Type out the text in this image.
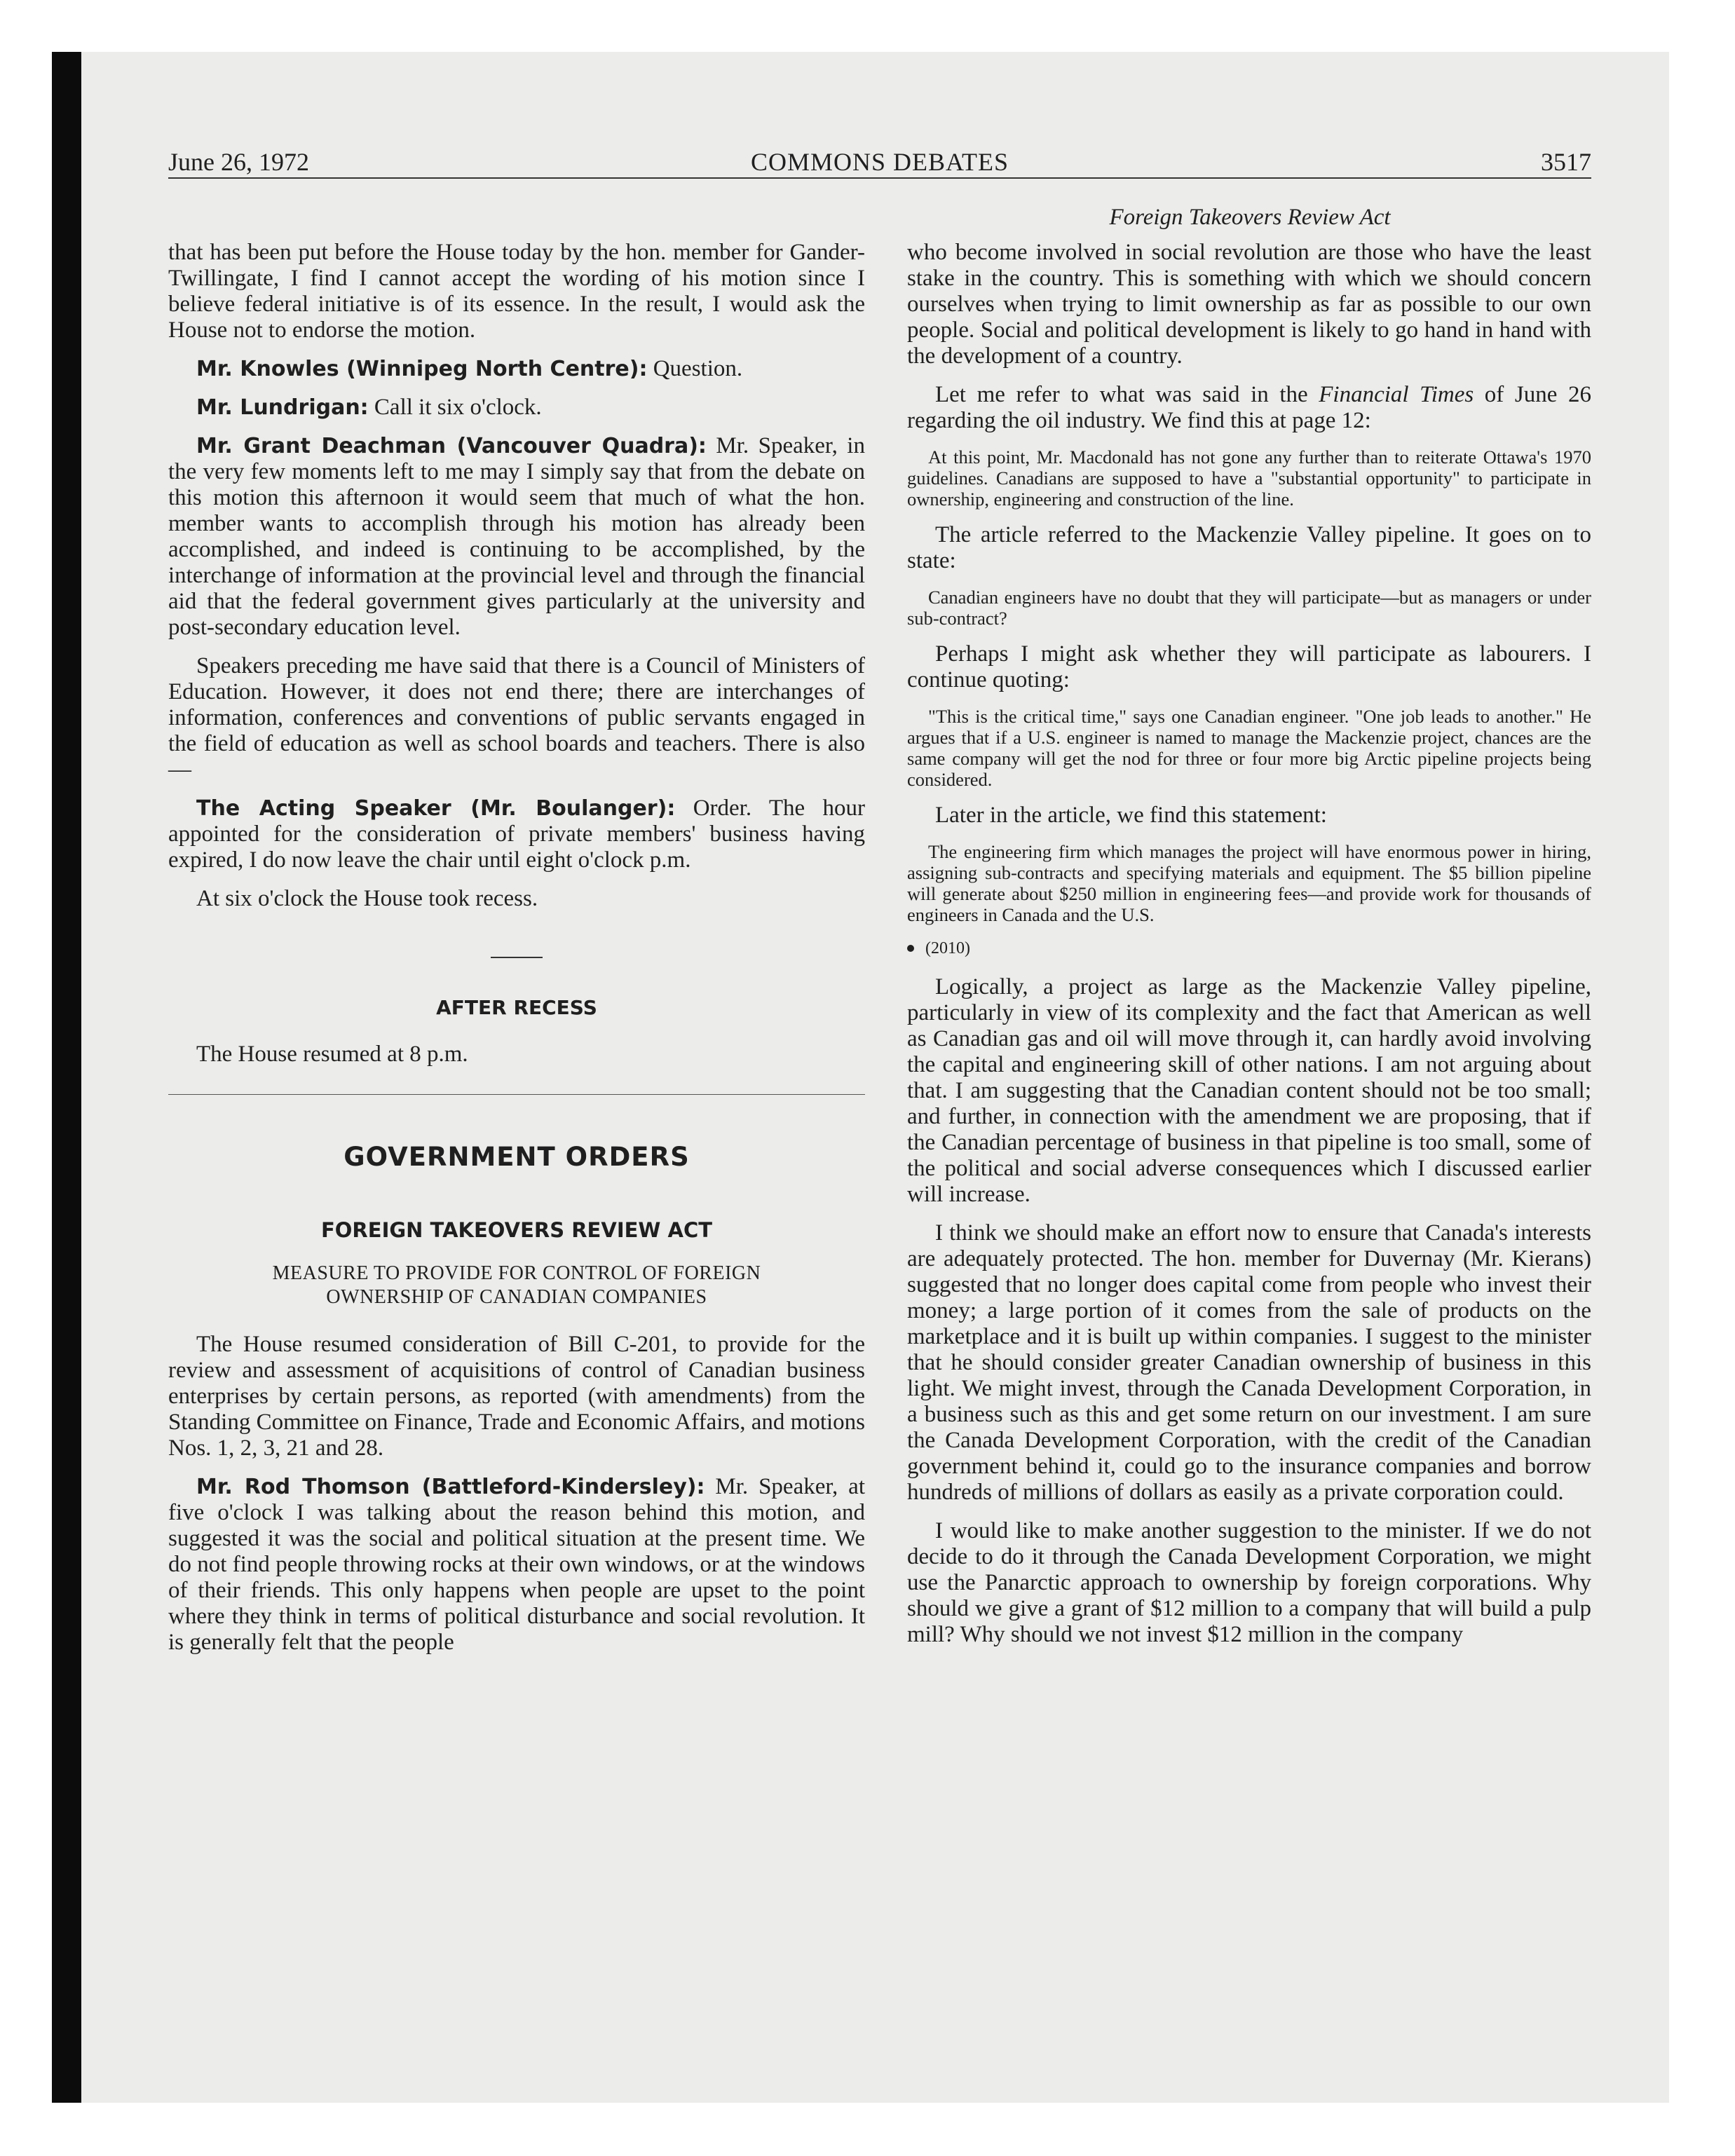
June 26, 1972	COMMONS DEBATES	3517
Foreign Takeovers Review Act

that has been put before the House today by the hon. member for Gander-Twillingate, I find I cannot accept the wording of his motion since I believe federal initiative is of its essence. In the result, I would ask the House not to endorse the motion.

Mr. Knowles (Winnipeg North Centre): Question.

Mr. Lundrigan: Call it six o'clock.

Mr. Grant Deachman (Vancouver Quadra): Mr. Speaker, in the very few moments left to me may I simply say that from the debate on this motion this afternoon it would seem that much of what the hon. member wants to accomplish through his motion has already been accomplished, and indeed is continuing to be accomplished, by the interchange of information at the provincial level and through the financial aid that the federal government gives particularly at the university and post-secondary education level.

Speakers preceding me have said that there is a Council of Ministers of Education. However, it does not end there; there are interchanges of information, conferences and conventions of public servants engaged in the field of education as well as school boards and teachers. There is also—

The Acting Speaker (Mr. Boulanger): Order. The hour appointed for the consideration of private members' business having expired, I do now leave the chair until eight o'clock p.m.

At six o'clock the House took recess.

AFTER RECESS

The House resumed at 8 p.m.

GOVERNMENT ORDERS
FOREIGN TAKEOVERS REVIEW ACT
MEASURE TO PROVIDE FOR CONTROL OF FOREIGN
OWNERSHIP OF CANADIAN COMPANIES

The House resumed consideration of Bill C-201, to provide for the review and assessment of acquisitions of control of Canadian business enterprises by certain persons, as reported (with amendments) from the Standing Committee on Finance, Trade and Economic Affairs, and motions Nos. 1, 2, 3, 21 and 28.

Mr. Rod Thomson (Battleford-Kindersley): Mr. Speaker, at five o'clock I was talking about the reason behind this motion, and suggested it was the social and political situation at the present time. We do not find people throwing rocks at their own windows, or at the windows of their friends. This only happens when people are upset to the point where they think in terms of political disturbance and social revolution. It is generally felt that the people

who become involved in social revolution are those who have the least stake in the country. This is something with which we should concern ourselves when trying to limit ownership as far as possible to our own people. Social and political development is likely to go hand in hand with the development of a country.

Let me refer to what was said in the Financial Times of June 26 regarding the oil industry. We find this at page 12:

At this point, Mr. Macdonald has not gone any further than to reiterate Ottawa's 1970 guidelines. Canadians are supposed to have a "substantial opportunity" to participate in ownership, engineering and construction of the line.

The article referred to the Mackenzie Valley pipeline. It goes on to state:

Canadian engineers have no doubt that they will participate—but as managers or under sub-contract?

Perhaps I might ask whether they will participate as labourers. I continue quoting:

"This is the critical time," says one Canadian engineer. "One job leads to another." He argues that if a U.S. engineer is named to manage the Mackenzie project, chances are the same company will get the nod for three or four more big Arctic pipeline projects being considered.

Later in the article, we find this statement:

The engineering firm which manages the project will have enormous power in hiring, assigning sub-contracts and specifying materials and equipment. The $5 billion pipeline will generate about $250 million in engineering fees—and provide work for thousands of engineers in Canada and the U.S.
(2010)

Logically, a project as large as the Mackenzie Valley pipeline, particularly in view of its complexity and the fact that American as well as Canadian gas and oil will move through it, can hardly avoid involving the capital and engineering skill of other nations. I am not arguing about that. I am suggesting that the Canadian content should not be too small; and further, in connection with the amendment we are proposing, that if the Canadian percentage of business in that pipeline is too small, some of the political and social adverse consequences which I discussed earlier will increase.

I think we should make an effort now to ensure that Canada's interests are adequately protected. The hon. member for Duvernay (Mr. Kierans) suggested that no longer does capital come from people who invest their money; a large portion of it comes from the sale of products on the marketplace and it is built up within companies. I suggest to the minister that he should consider greater Canadian ownership of business in this light. We might invest, through the Canada Development Corporation, in a business such as this and get some return on our investment. I am sure the Canada Development Corporation, with the credit of the Canadian government behind it, could go to the insurance companies and borrow hundreds of millions of dollars as easily as a private corporation could.

I would like to make another suggestion to the minister. If we do not decide to do it through the Canada Development Corporation, we might use the Panarctic approach to ownership by foreign corporations. Why should we give a grant of $12 million to a company that will build a pulp mill? Why should we not invest $12 million in the company
